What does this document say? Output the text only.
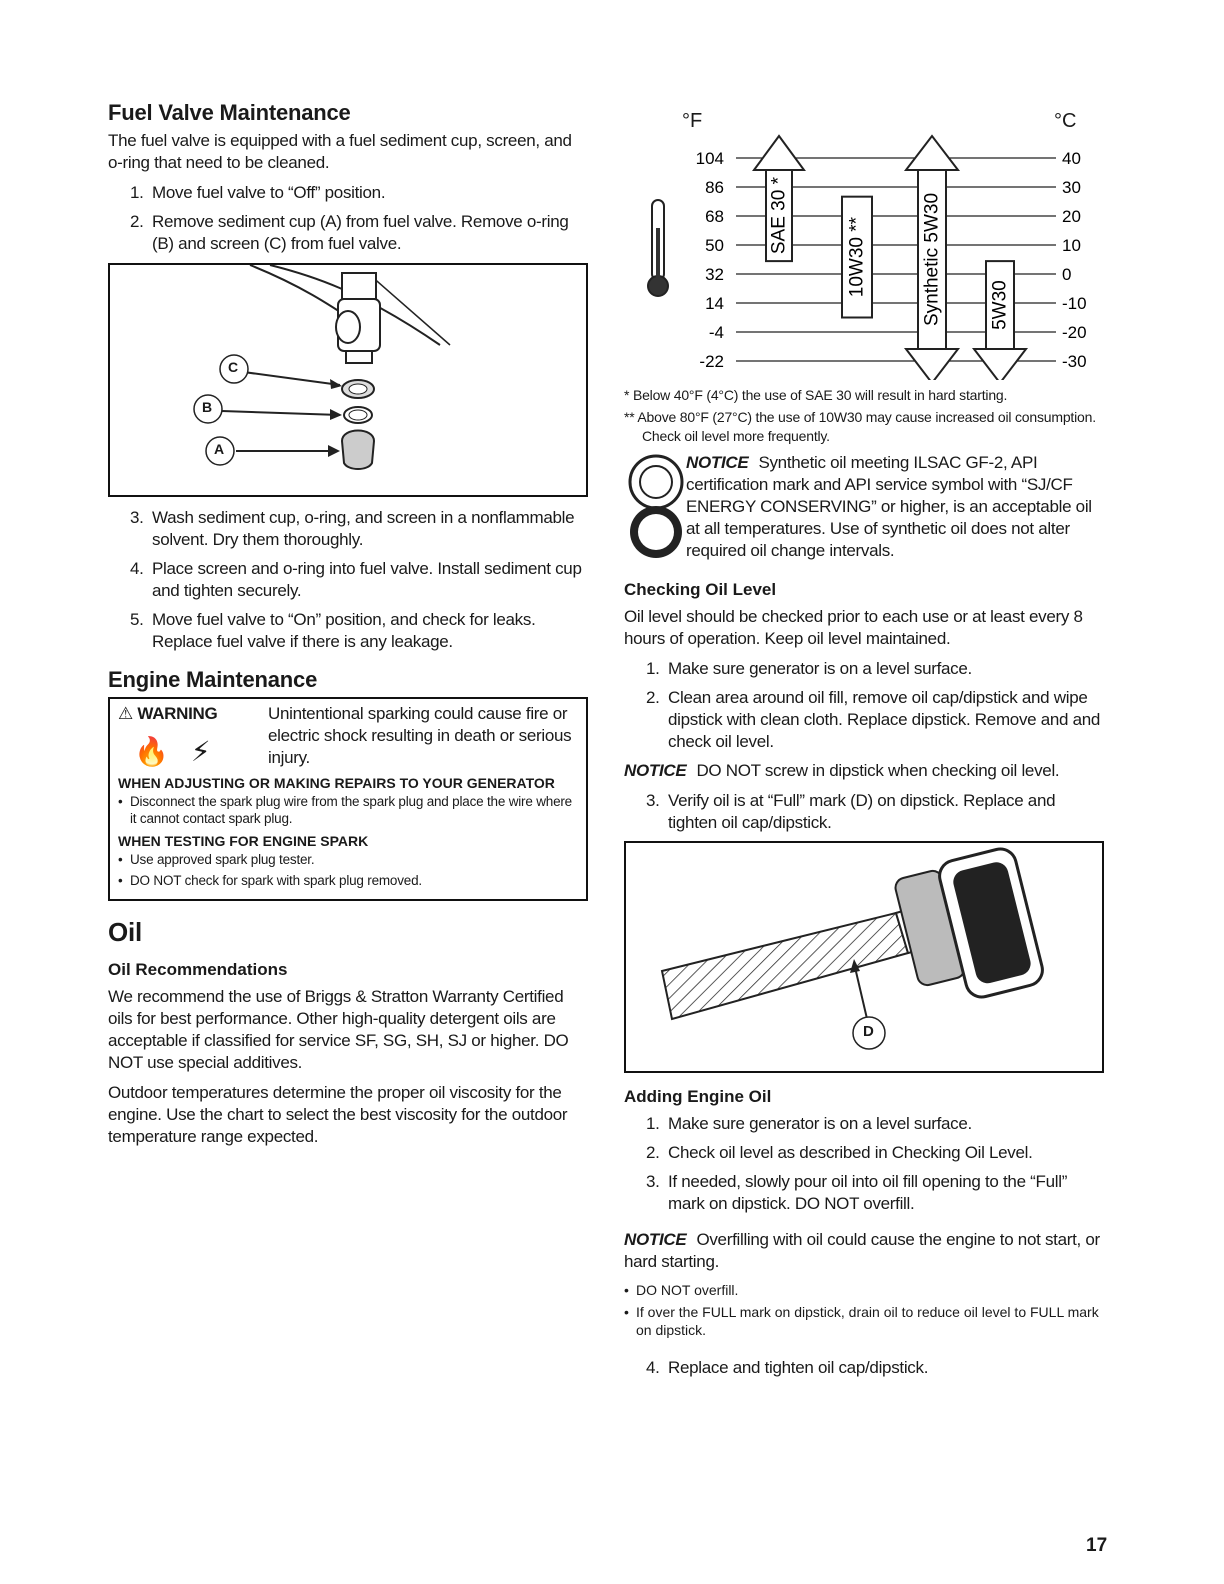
Fuel Valve Maintenance

The fuel valve is equipped with a fuel sediment cup, screen, and o-ring that need to be cleaned.

1. Move fuel valve to “Off” position.
2. Remove sediment cup (A) from fuel valve. Remove o-ring (B) and screen (C) from fuel valve.
C
B
A
3. Wash sediment cup, o-ring, and screen in a nonflammable solvent. Dry them thoroughly.
4. Place screen and o-ring into fuel valve. Install sediment cup and tighten securely.
5. Move fuel valve to “On” position, and check for leaks. Replace fuel valve if there is any leakage.
Engine Maintenance
⚠ WARNING
🔥 ⚡
Unintentional sparking could cause fire or electric shock resulting in death or serious injury.
WHEN ADJUSTING OR MAKING REPAIRS TO YOUR GENERATOR
• Disconnect the spark plug wire from the spark plug and place the wire where it cannot contact spark plug.
WHEN TESTING FOR ENGINE SPARK
• Use approved spark plug tester.
• DO NOT check for spark with spark plug removed.
Oil
Oil Recommendations

We recommend the use of Briggs & Stratton Warranty Certified oils for best performance. Other high-quality detergent oils are acceptable if classified for service SF, SG, SH, SJ or higher. DO NOT use special additives.

Outdoor temperatures determine the proper oil viscosity for the engine. Use the chart to select the best viscosity for the outdoor temperature range expected.

°F	°C
104	40
86	30
68	20
50	10
32	0
14	-10
-4	-20
-22	-30
SAE 30 *
10W30 **	Synthetic 5W30 5W30

* Below 40°F (4°C) the use of SAE 30 will result in hard starting.

** Above 80°F (27°C) the use of 10W30 may cause increased oil consumption. Check oil level more frequently.

NOTICE Synthetic oil meeting ILSAC GF-2, API certification mark and API service symbol with “SJ/CF ENERGY CONSERVING” or higher, is an acceptable oil at all temperatures. Use of synthetic oil does not alter required oil change intervals.

Checking Oil Level

Oil level should be checked prior to each use or at least every 8 hours of operation. Keep oil level maintained.

1. Make sure generator is on a level surface.
2. Clean area around oil fill, remove oil cap/dipstick and wipe dipstick with clean cloth. Replace dipstick. Remove and and check oil level.

NOTICE DO NOT screw in dipstick when checking oil level.

3. Verify oil is at “Full” mark (D) on dipstick. Replace and tighten oil cap/dipstick.
D
Adding Engine Oil
1. Make sure generator is on a level surface.
2. Check oil level as described in Checking Oil Level.
3. If needed, slowly pour oil into oil fill opening to the “Full” mark on dipstick. DO NOT overfill.

NOTICE Overfilling with oil could cause the engine to not start, or hard starting.

• DO NOT overfill.
• If over the FULL mark on dipstick, drain oil to reduce oil level to FULL mark on dipstick.
4. Replace and tighten oil cap/dipstick.
17
